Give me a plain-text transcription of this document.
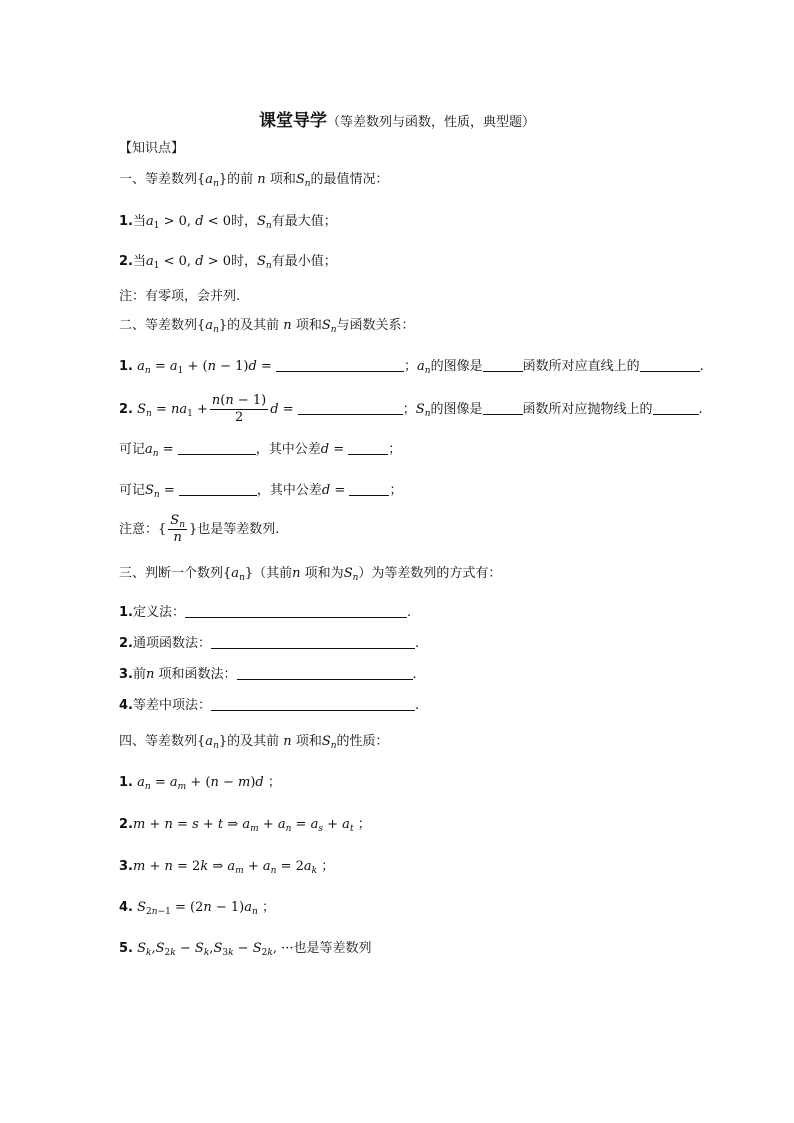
课堂导学（等差数列与函数，性质，典型题）
【知识点】
一、等差数列$\{a_n\}$的前 n 项和$S_n$的最值情况：
1.当$a_1 > 0$, d < 0时，$S_n$有最大值；
2.当$a_1 < 0$, d > 0时，$S_n$有最小值；
注：有零项，会并列.
二、等差数列$\{a_n\}$的及其前 n 项和$S_n$与函数关系：
1. $a_n = a_1 + (n - 1)d$ =	；$a_n$的图像是	函数所对应直线上的	.
2. $S_n = na_1 + \frac{n(n - 1)}{2}$ d =	；$S_n$的图像是	函数所对应抛物线上的	.
可记$a_n$ =	，其中公差d =	；
可记$S_n$ =	，其中公差d =	；
注意：{ $\frac{S_n}{n}$ }也是等差数列.
三、判断一个数列$\{a_n\}$（其前n 项和为$S_n$）为等差数列的方式有：
1.定义法：	.
2.通项函数法：	.
3.前n 项和函数法：	.
4.等差中项法：	.
四、等差数列$\{a_n\}$的及其前 n 项和$S_n$的性质：
1. $a_n = a_m + (n - m)d$ ；
2.m + n = s + t ⇒ $a_m + a_n = a_s + a_t$ ；
3.m + n = 2k ⇒ $a_m + a_n = 2a_k$ ；
4. $S_{2n-1} = (2n - 1)a_n$ ；
5. $S_k,S_{2k} - S_k,S_{3k} - S_{2k}$, ···也是等差数列
